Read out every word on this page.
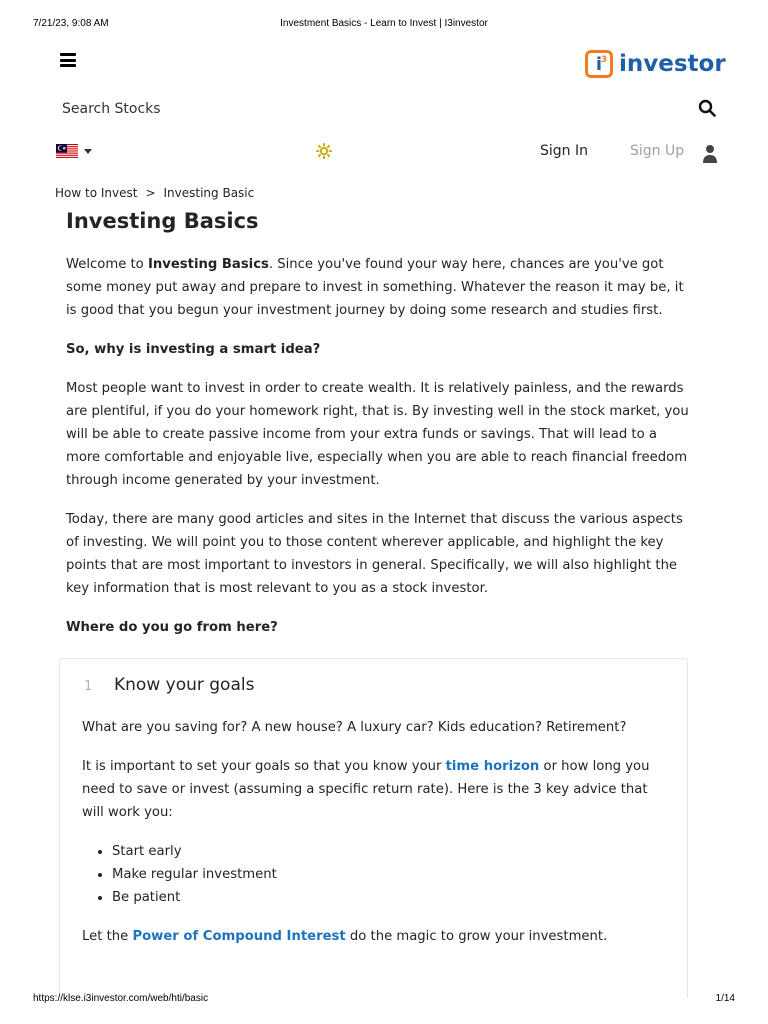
7/21/23, 9:08 AM	Investment Basics - Learn to Invest | I3investor
i
3 investor
Search Stocks
Sign In	Sign Up
How to Invest > Investing Basic
Investing Basics

Welcome to Investing Basics. Since you've found your way here, chances are you've got some money put away and prepare to invest in something. Whatever the reason it may be, it is good that you begun your investment journey by doing some research and studies first.

So, why is investing a smart idea?

Most people want to invest in order to create wealth. It is relatively painless, and the rewards are plentiful, if you do your homework right, that is. By investing well in the stock market, you will be able to create passive income from your extra funds or savings. That will lead to a more comfortable and enjoyable live, especially when you are able to reach financial freedom through income generated by your investment.

Today, there are many good articles and sites in the Internet that discuss the various aspects of investing. We will point you to those content wherever applicable, and highlight the key points that are most important to investors in general. Specifically, we will also highlight the key information that is most relevant to you as a stock investor.

Where do you go from here?

1 Know your goals

What are you saving for? A new house? A luxury car? Kids education? Retirement?

It is important to set your goals so that you know your time horizon or how long you need to save or invest (assuming a specific return rate). Here is the 3 key advice that will work you:

• Start early
• Make regular investment
• Be patient

Let the Power of Compound Interest do the magic to grow your investment.

https://klse.i3investor.com/web/hti/basic	1/14
